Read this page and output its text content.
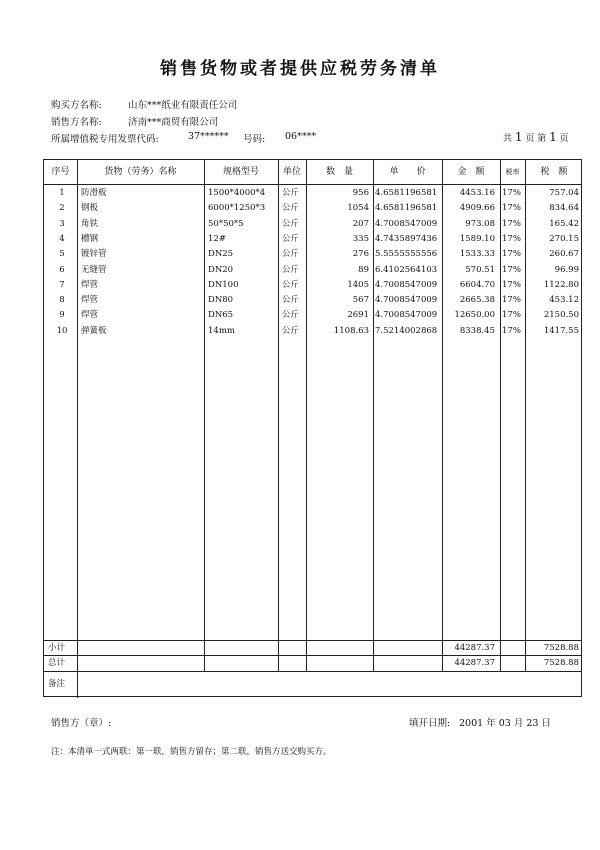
销售货物或者提供应税劳务清单
购买方名称:	山东***纸业有限责任公司
销售方名称:	济南***商贸有限公司
所属增值税专用发票代码:	37****** 号码: 06****	共 1 页 第 1 页
序号	货物（劳务）名称	规格型号	单位	数　量	单　　价	金　额	税率	税　额
1	防滑板	1500*4000*4	公斤	956 4.6581196581	4453.16 17%	757.04
2	钢板	6000*1250*3	公斤	1054 4.6581196581	4909.66 17%	834.64
3	角铁	50*50*5	公斤	207 4.7008547009	973.08 17%	165.42
4	槽钢	12#	公斤	335 4.7435897436	1589.10 17%	270.15
5	镀锌管	DN25	公斤	276 5.5555555556	1533.33 17%	260.67
6	无缝管	DN20	公斤	89 6.4102564103	570.51 17%	96.99
7	焊管	DN100	公斤	1405 4.7008547009	6604.70 17%	1122.80
8	焊管	DN80	公斤	567 4.7008547009	2665.38 17%	453.12
9	焊管	DN65	公斤	2691 4.7008547009	12650.00 17%	2150.50
10	弹簧板	14mm	公斤	1108.63 7.5214002868	8338.45 17%	1417.55
小计	44287.37	7528.88
总计	44287.37	7528.88
备注
销售方（章）:	填开日期: 2001 年 03 月 23 日
注：本清单一式两联：第一联，销售方留存；第二联，销售方送交购买方。
